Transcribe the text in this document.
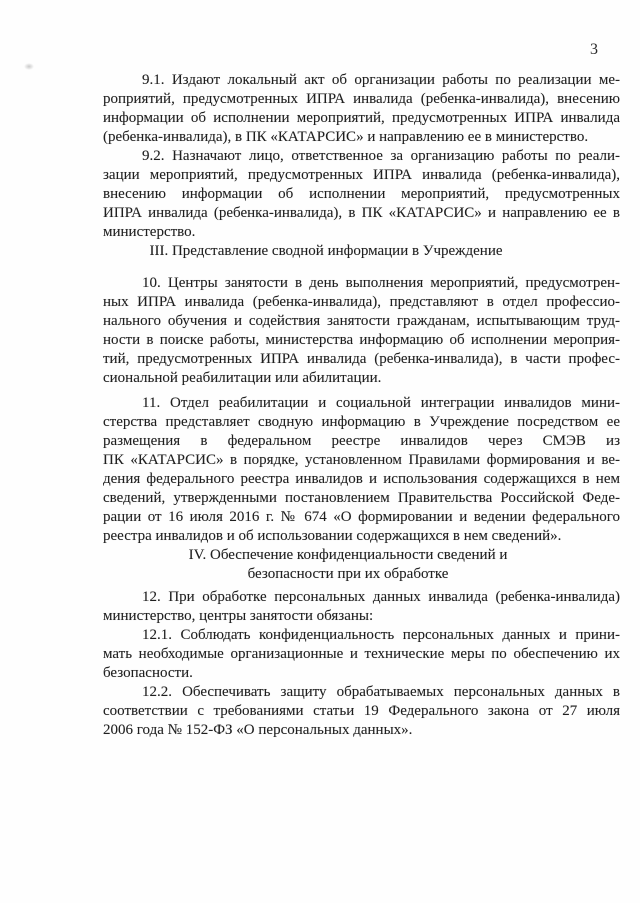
3
9.1. Издают локальный акт об организации работы по реализации ме-
роприятий, предусмотренных ИПРА инвалида (ребенка-инвалида), внесению
информации об исполнении мероприятий, предусмотренных ИПРА инвалида
(ребенка-инвалида), в ПК «КАТАРСИС» и направлению ее в министерство.
9.2. Назначают лицо, ответственное за организацию работы по реали-
зации мероприятий, предусмотренных ИПРА инвалида (ребенка-инвалида),
внесению информации об исполнении мероприятий, предусмотренных
ИПРА инвалида (ребенка-инвалида), в ПК «КАТАРСИС» и направлению ее в
министерство.
III. Представление сводной информации в Учреждение
10. Центры занятости в день выполнения мероприятий, предусмотрен-
ных ИПРА инвалида (ребенка-инвалида), представляют в отдел профессио-
нального обучения и содействия занятости гражданам, испытывающим труд-
ности в поиске работы, министерства информацию об исполнении мероприя-
тий, предусмотренных ИПРА инвалида (ребенка-инвалида), в части профес-
сиональной реабилитации или абилитации.
11. Отдел реабилитации и социальной интеграции инвалидов мини-
стерства представляет сводную информацию в Учреждение посредством ее
размещения в федеральном реестре инвалидов через СМЭВ из
ПК «КАТАРСИС» в порядке, установленном Правилами формирования и ве-
дения федерального реестра инвалидов и использования содержащихся в нем
сведений, утвержденными постановлением Правительства Российской Феде-
рации от 16 июля 2016 г. № 674 «О формировании и ведении федерального
реестра инвалидов и об использовании содержащихся в нем сведений».
IV. Обеспечение конфиденциальности сведений и
безопасности при их обработке
12. При обработке персональных данных инвалида (ребенка-инвалида)
министерство, центры занятости обязаны:
12.1. Соблюдать конфиденциальность персональных данных и прини-
мать необходимые организационные и технические меры по обеспечению их
безопасности.
12.2. Обеспечивать защиту обрабатываемых персональных данных в
соответствии с требованиями статьи 19 Федерального закона от 27 июля
2006 года № 152-ФЗ «О персональных данных».
